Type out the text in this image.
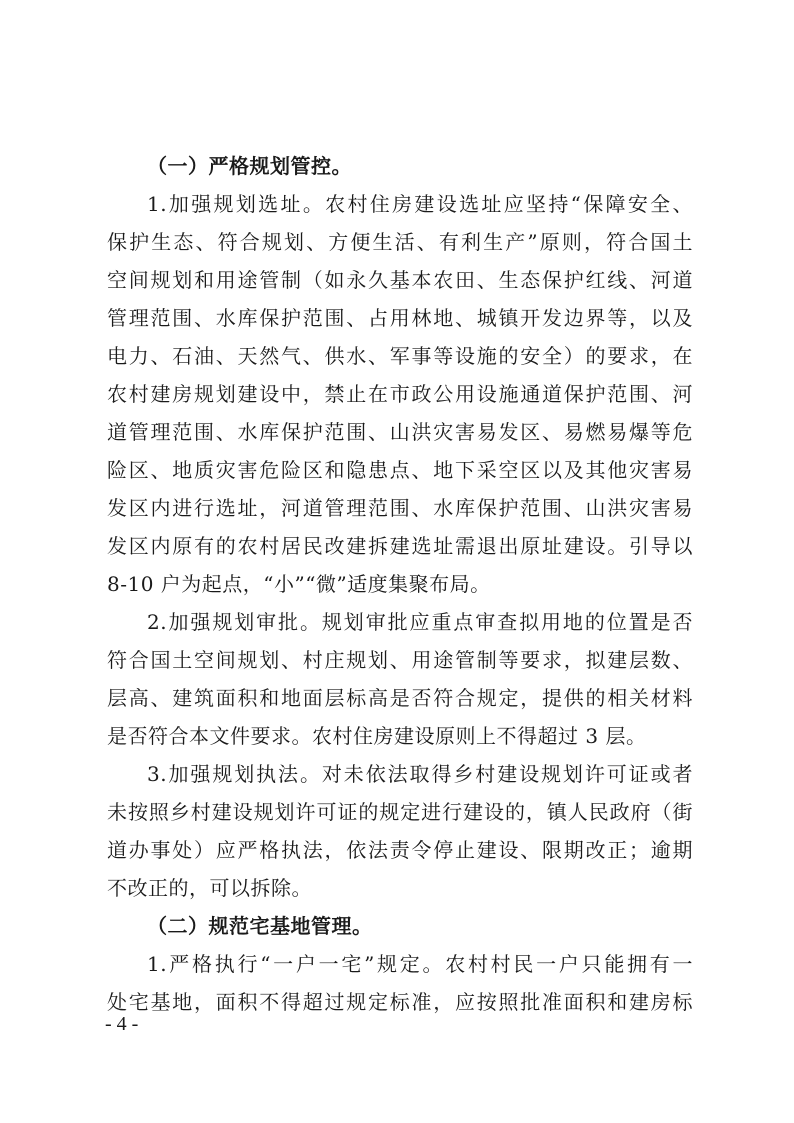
（一）严格规划管控。
1.加强规划选址。农村住房建设选址应坚持“保障安全、
保护生态、符合规划、方便生活、有利生产”原则，符合国土
空间规划和用途管制（如永久基本农田、生态保护红线、河道
管理范围、水库保护范围、占用林地、城镇开发边界等，以及
电力、石油、天然气、供水、军事等设施的安全）的要求，在
农村建房规划建设中，禁止在市政公用设施通道保护范围、河
道管理范围、水库保护范围、山洪灾害易发区、易燃易爆等危
险区、地质灾害危险区和隐患点、地下采空区以及其他灾害易
发区内进行选址，河道管理范围、水库保护范围、山洪灾害易
发区内原有的农村居民改建拆建选址需退出原址建设。引导以
8-10 户为起点，“小”“微”适度集聚布局。
2.加强规划审批。规划审批应重点审查拟用地的位置是否
符合国土空间规划、村庄规划、用途管制等要求，拟建层数、
层高、建筑面积和地面层标高是否符合规定，提供的相关材料
是否符合本文件要求。农村住房建设原则上不得超过 3 层。
3.加强规划执法。对未依法取得乡村建设规划许可证或者
未按照乡村建设规划许可证的规定进行建设的，镇人民政府（街
道办事处）应严格执法，依法责令停止建设、限期改正；逾期
不改正的，可以拆除。
（二）规范宅基地管理。
1.严格执行“一户一宅”规定。农村村民一户只能拥有一
处宅基地，面积不得超过规定标准，应按照批准面积和建房标
- 4 -
